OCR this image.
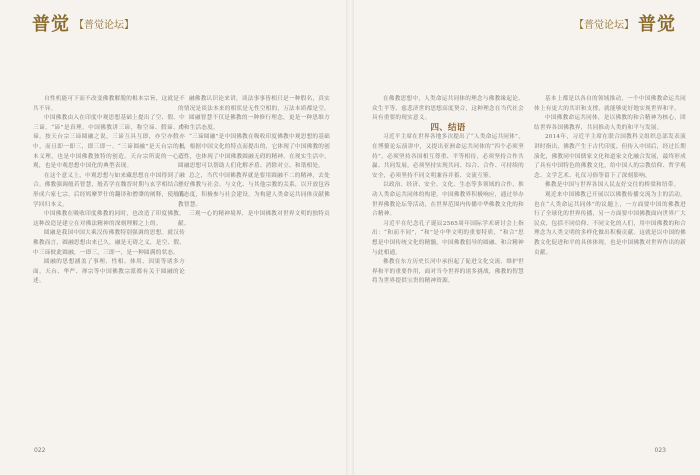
普觉 【普觉论坛】	【普觉论坛】 普觉

自性机能可下而不改变佛教解脱的根本宗旨，这就是不共不异。

中国佛教由入在印度中观思想基础上提出了空、假、中三谛，“谛”是真理。中国佛教讲三谛，称空谛、假谛、中谛。按天台宗三谛圆融之说，三谛互具互即，亦空亦假亦中，而且即一即三，即三即一。“三谛圆融”是天台宗的根本义理，也是中国佛教独特的创造。天台宗所说的一心三观，也是中观思想中国化的典型表现。

在这个意义上，中观思想与如来藏思想在中国得到了融合。佛教强调般若智慧，般若学在魏晋时期与玄学相结合，形成六家七宗，后经鸠摩罗什的翻译和僧肇的阐释，使般若学回归本义。

中国佛教在吸收印度佛教的同时，也改造了印度佛教，这种改造是建立在对佛法精神的深刻理解之上的。

圆融是我国中国大乘汉传佛教特别强调的思想。就汉传佛教而言，圆融思想由来已久，融是无碍之义，是空、假、中三谛彼此圆融，一即三，三即一，是一种圆满的状态。

圆融的思想涵盖了事理、性相、体用、因果等诸多方面，天台、华严、禅宗等中国佛教宗派都有关于圆融的论述。

融佛教认识论来讲，谈法事事皆相只是一种假名，真实的情况是谈法本来的相状是无性空相的，万法本质都是空。

圆融智慧不仅是佛教的一种修行理念，更是一种思维方式和生活态度。

“三谛圆融”是中国佛教在吸收印度佛教中观思想的基础上，根据中国文化的特点而提出的，它体现了中国佛教的创造性，也体现了中国佛教圆融无碍的精神。在现实生活中，圆融思想可以帮助人们化解矛盾、消除对立、和谐相处。

总之，当代中国佛教界就是要用圆融不二的精神，去处理好佛教与社会、与文化、与其他宗教的关系，以开放包容的态度，积极参与社会建设，为构建人类命运共同体贡献佛教智慧。

三观一心的精神境界，是中国佛教对世界文明的独特贡献。

在佛教思想中，人类命运共同体的理念与佛教缘起论、众生平等、慈悲济世的思想高度契合，这种理念在当代社会具有重要的现实意义。

四、结语

习近平主席在世界各地多次提出了“人类命运共同体”，在博鳌论坛演讲中，又提出亚洲命运共同体的“四个必须坚持”，必须坚持各国相互尊重、平等相待，必须坚持合作共赢、共同发展，必须坚持实现共同、综合、合作、可持续的安全，必须坚持不同文明兼容并蓄、交流互鉴。

以政治、经济、安全、文化、生态等多领域的合作，推动人类命运共同体的构建。中国佛教界积极响应，通过举办世界佛教论坛等活动，在世界范围内传播中华佛教文化的和合精神。

习近平在纪念孔子诞辰2565周年国际学术研讨会上指出：“和而不同”，“和”是中华文明的重要特质，“和合”思想是中国传统文化的精髓。中国佛教倡导的圆融、和合精神与此相通。

佛教在东方历史长河中承担起了促进文化交流、维护世界和平的重要作用，面对当今世界的诸多挑战，佛教的智慧将为世界提供宝贵的精神资源。

基本上都是以各自的领域推动，一个中国佛教命运共同体上有更大的共识和支撑，就能够更好地实现世界和平。

中国佛教命运共同体，是以佛教的和合精神为核心，团结世界各国佛教界，共同推动人类的和平与发展。

2014年，习近平主席在联合国教科文组织总部发表演讲时指出，佛教产生于古代印度，但传入中国后，经过长期演化，佛教同中国儒家文化和道家文化融合发展，最终形成了具有中国特色的佛教文化，给中国人的宗教信仰、哲学观念、文学艺术、礼仪习俗等留下了深刻影响。

佛教是中国与世界各国人民友好交往的桥梁和纽带。

观近来中国佛教已开展以以佛教传播交流为主的活动，也在“人类命运共同体”的议题上，一方面要中国的佛教进行了全球化的世界传播，另一方面要中国佛教面向世界广大民众，包括不同信仰、不同文化的人们，用中国佛教的和合理念为人类文明的多样化做出积极贡献。这就是以中国的佛教文化促进和平的具体体现，也是中国佛教对世界作出的新贡献。

022	023
